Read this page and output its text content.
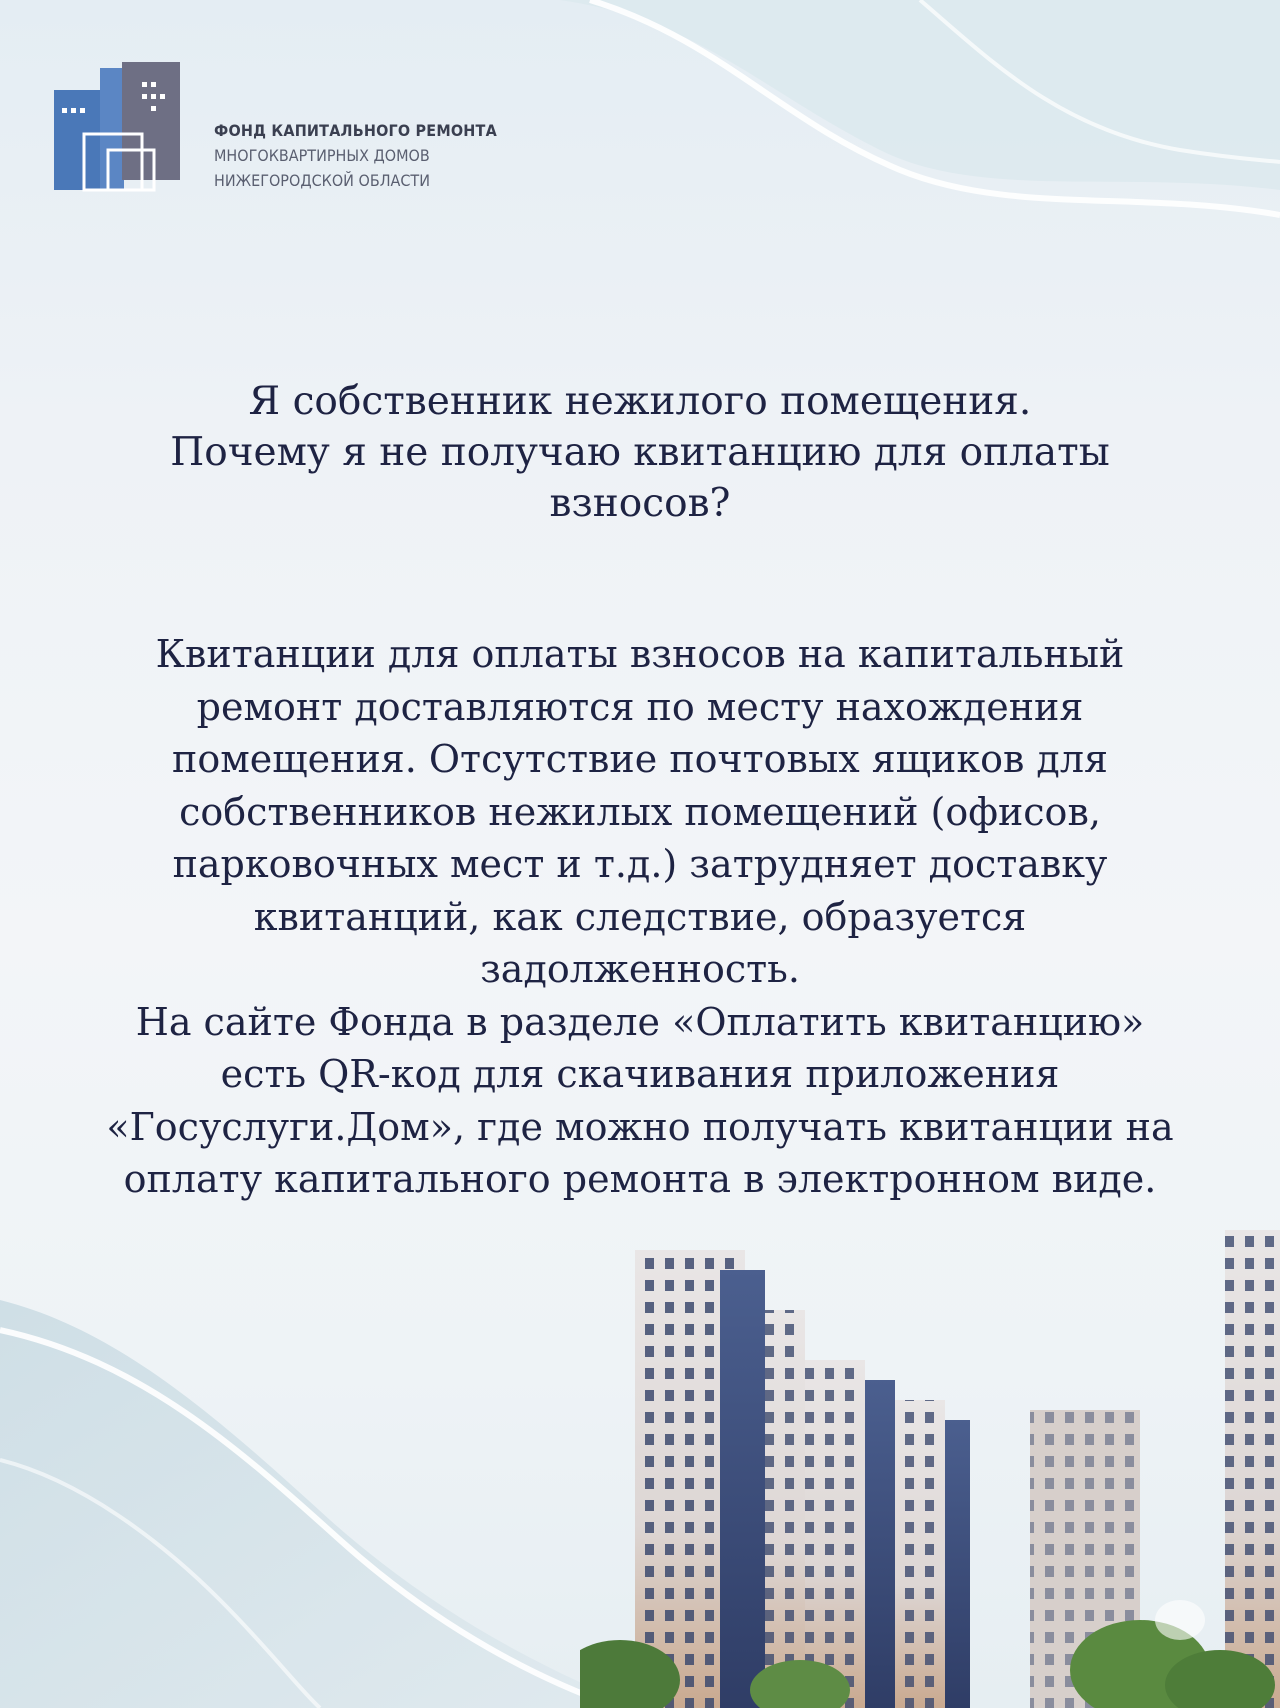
ФОНД КАПИТАЛЬНОГО РЕМОНТА
МНОГОКВАРТИРНЫХ ДОМОВ
НИЖЕГОРОДСКОЙ ОБЛАСТИ
Я собственник нежилого помещения.
Почему я не получаю квитанцию для оплаты
взносов?
Квитанции для оплаты взносов на капитальный
ремонт доставляются по месту нахождения
помещения. Отсутствие почтовых ящиков для
собственников нежилых помещений (офисов,
парковочных мест и т.д.) затрудняет доставку
квитанций, как следствие, образуется
задолженность.
На сайте Фонда в разделе «Оплатить квитанцию»
есть QR-код для скачивания приложения
«Госуслуги.Дом», где можно получать квитанции на
оплату капитального ремонта в электронном виде.
